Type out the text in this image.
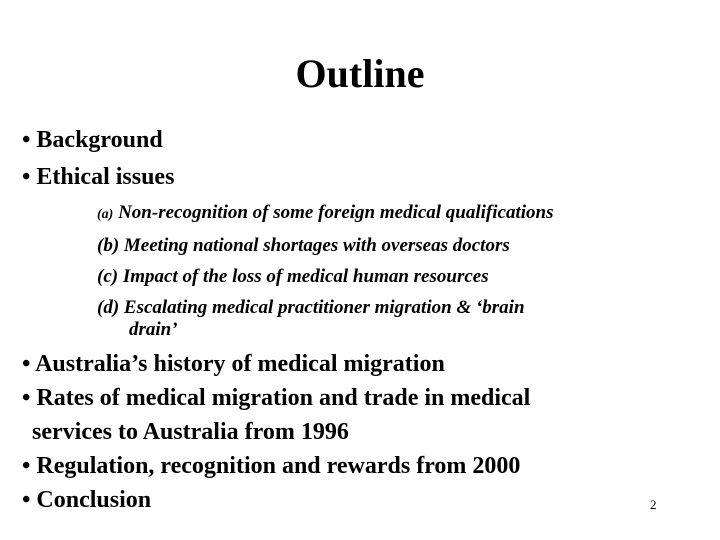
Outline
• Background
• Ethical issues
(a) Non-recognition of some foreign medical qualifications
(b) Meeting national shortages with overseas doctors
(c) Impact of the loss of medical human resources
(d) Escalating medical practitioner migration & ‘brain
drain’
• Australia’s history of medical migration
• Rates of medical migration and trade in medical
services to Australia from 1996
• Regulation, recognition and rewards from 2000
• Conclusion	2
